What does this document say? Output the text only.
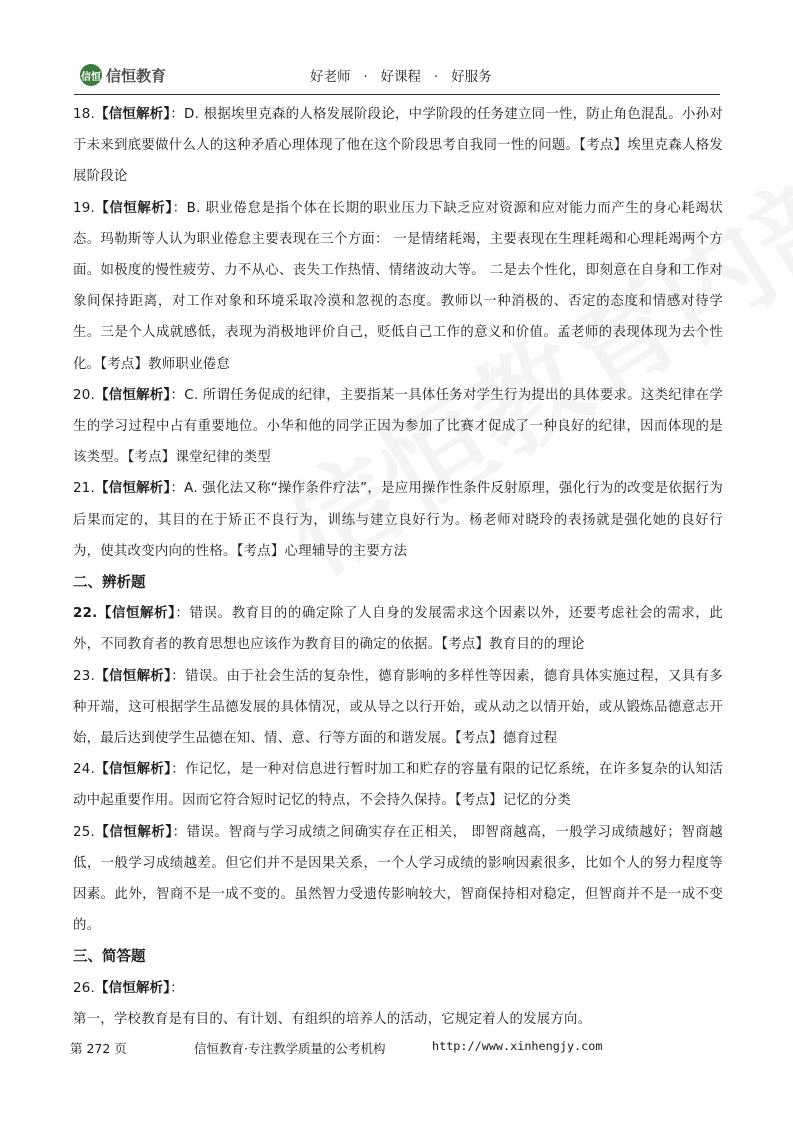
信恒 信恒教育	好老师   ·   好课程   ·   好服务

18.【信恒解析】：D. 根据埃里克森的人格发展阶段论，中学阶段的任务建立同一性，防止角色混乱。小孙对于未来到底要做什么人的这种矛盾心理体现了他在这个阶段思考自我同一性的问题。【考点】埃里克森人格发展阶段论

19.【信恒解析】：B. 职业倦怠是指个体在长期的职业压力下缺乏应对资源和应对能力而产生的身心耗竭状态。玛勒斯等人认为职业倦怠主要表现在三个方面： 一是情绪耗竭，主要表现在生理耗竭和心理耗竭两个方面。如极度的慢性疲劳、力不从心、丧失工作热情、情绪波动大等。 二是去个性化，即刻意在自身和工作对象间保持距离，对工作对象和环境采取冷漠和忽视的态度。教师以一种消极的、否定的态度和情感对待学生。三是个人成就感低，表现为消极地评价自己，贬低自己工作的意义和价值。孟老师的表现体现为去个性化。【考点】教师职业倦怠

20.【信恒解析】：C. 所谓任务促成的纪律，主要指某一具体任务对学生行为提出的具体要求。这类纪律在学生的学习过程中占有重要地位。小华和他的同学正因为参加了比赛才促成了一种良好的纪律，因而体现的是该类型。【考点】课堂纪律的类型

21.【信恒解析】：A. 强化法又称“操作条件疗法”，是应用操作性条件反射原理，强化行为的改变是依据行为后果而定的，其目的在于矫正不良行为，训练与建立良好行为。杨老师对晓玲的表扬就是强化她的良好行为，使其改变内向的性格。【考点】心理辅导的主要方法

二、辨析题

22.【信恒解析】：错误。教育目的的确定除了人自身的发展需求这个因素以外，还要考虑社会的需求，此外，不同教育者的教育思想也应该作为教育目的确定的依据。【考点】教育目的的理论

23.【信恒解析】：错误。由于社会生活的复杂性，德育影响的多样性等因素，德育具体实施过程，又具有多种开端，这可根据学生品德发展的具体情况，或从导之以行开始，或从动之以情开始，或从锻炼品德意志开始，最后达到使学生品德在知、情、意、行等方面的和谐发展。【考点】德育过程

24.【信恒解析】：作记忆，是一种对信息进行暂时加工和贮存的容量有限的记忆系统，在许多复杂的认知活动中起重要作用。因而它符合短时记忆的特点，不会持久保持。【考点】记忆的分类

25.【信恒解析】：错误。智商与学习成绩之间确实存在正相关， 即智商越高，一般学习成绩越好；智商越低，一般学习成绩越差。但它们并不是因果关系，一个人学习成绩的影响因素很多，比如个人的努力程度等因素。此外，智商不是一成不变的。虽然智力受遗传影响较大，智商保持相对稳定，但智商并不是一成不变的。

三、简答题

26.【信恒解析】：

第一，学校教育是有目的、有计划、有组织的培养人的活动，它规定着人的发展方向。

第 272 页

	信恒教育·专注教学质量的公考机构

	http://www.xinhengjy.com
